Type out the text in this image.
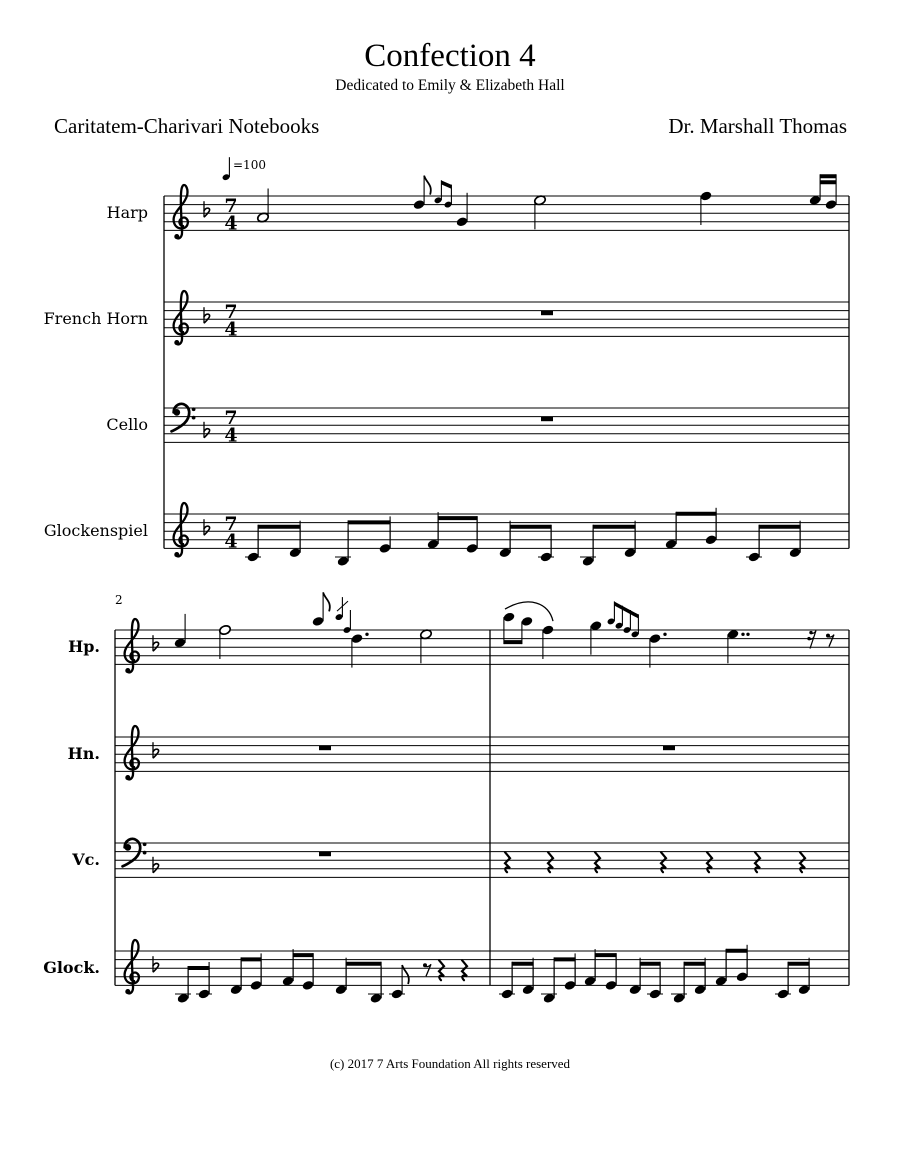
Confection 4
Dedicated to Emily & Elizabeth Hall
Caritatem-Charivari Notebooks	Dr. Marshall Thomas
=100
Harp	7
4
French Horn	7
4
Cello	7
4
Glockenspiel	7
4
2
Hp.
Hn.
Vc.
Glock.
(c) 2017 7 Arts Foundation All rights reserved
